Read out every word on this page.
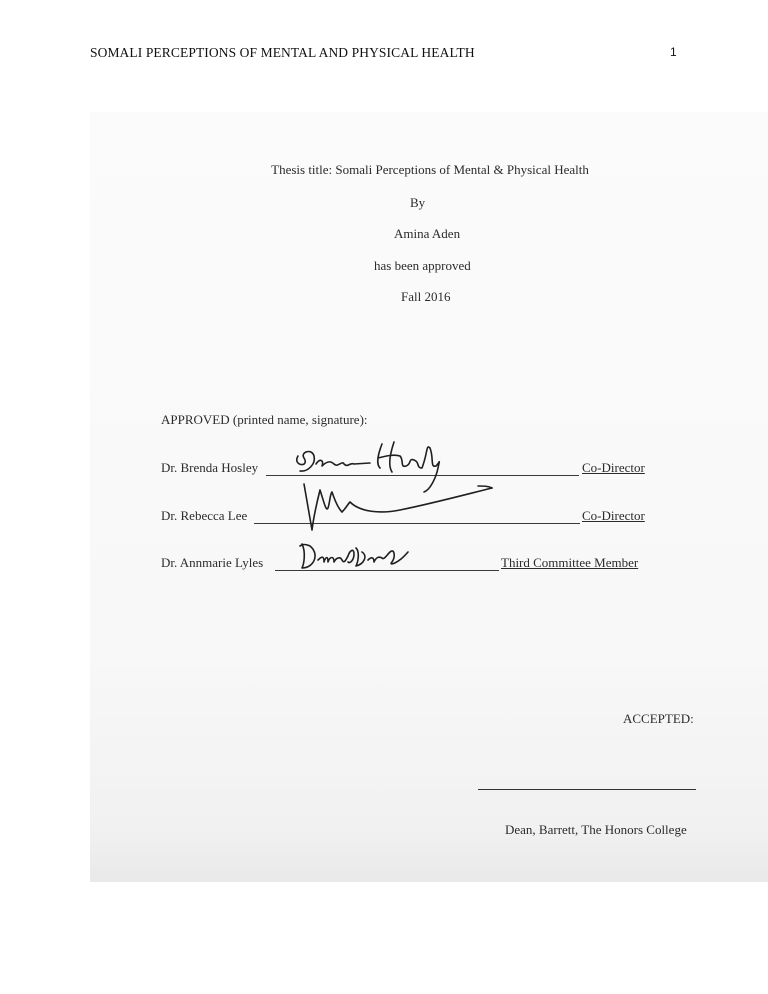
SOMALI PERCEPTIONS OF MENTAL AND PHYSICAL HEALTH	1
Thesis title: Somali Perceptions of Mental & Physical Health
By
Amina Aden
has been approved
Fall 2016
APPROVED (printed name, signature):
Dr. Brenda Hosley	Co-Director
Dr. Rebecca Lee	Co-Director
Dr. Annmarie Lyles	Third Committee Member
ACCEPTED:
Dean, Barrett, The Honors College
